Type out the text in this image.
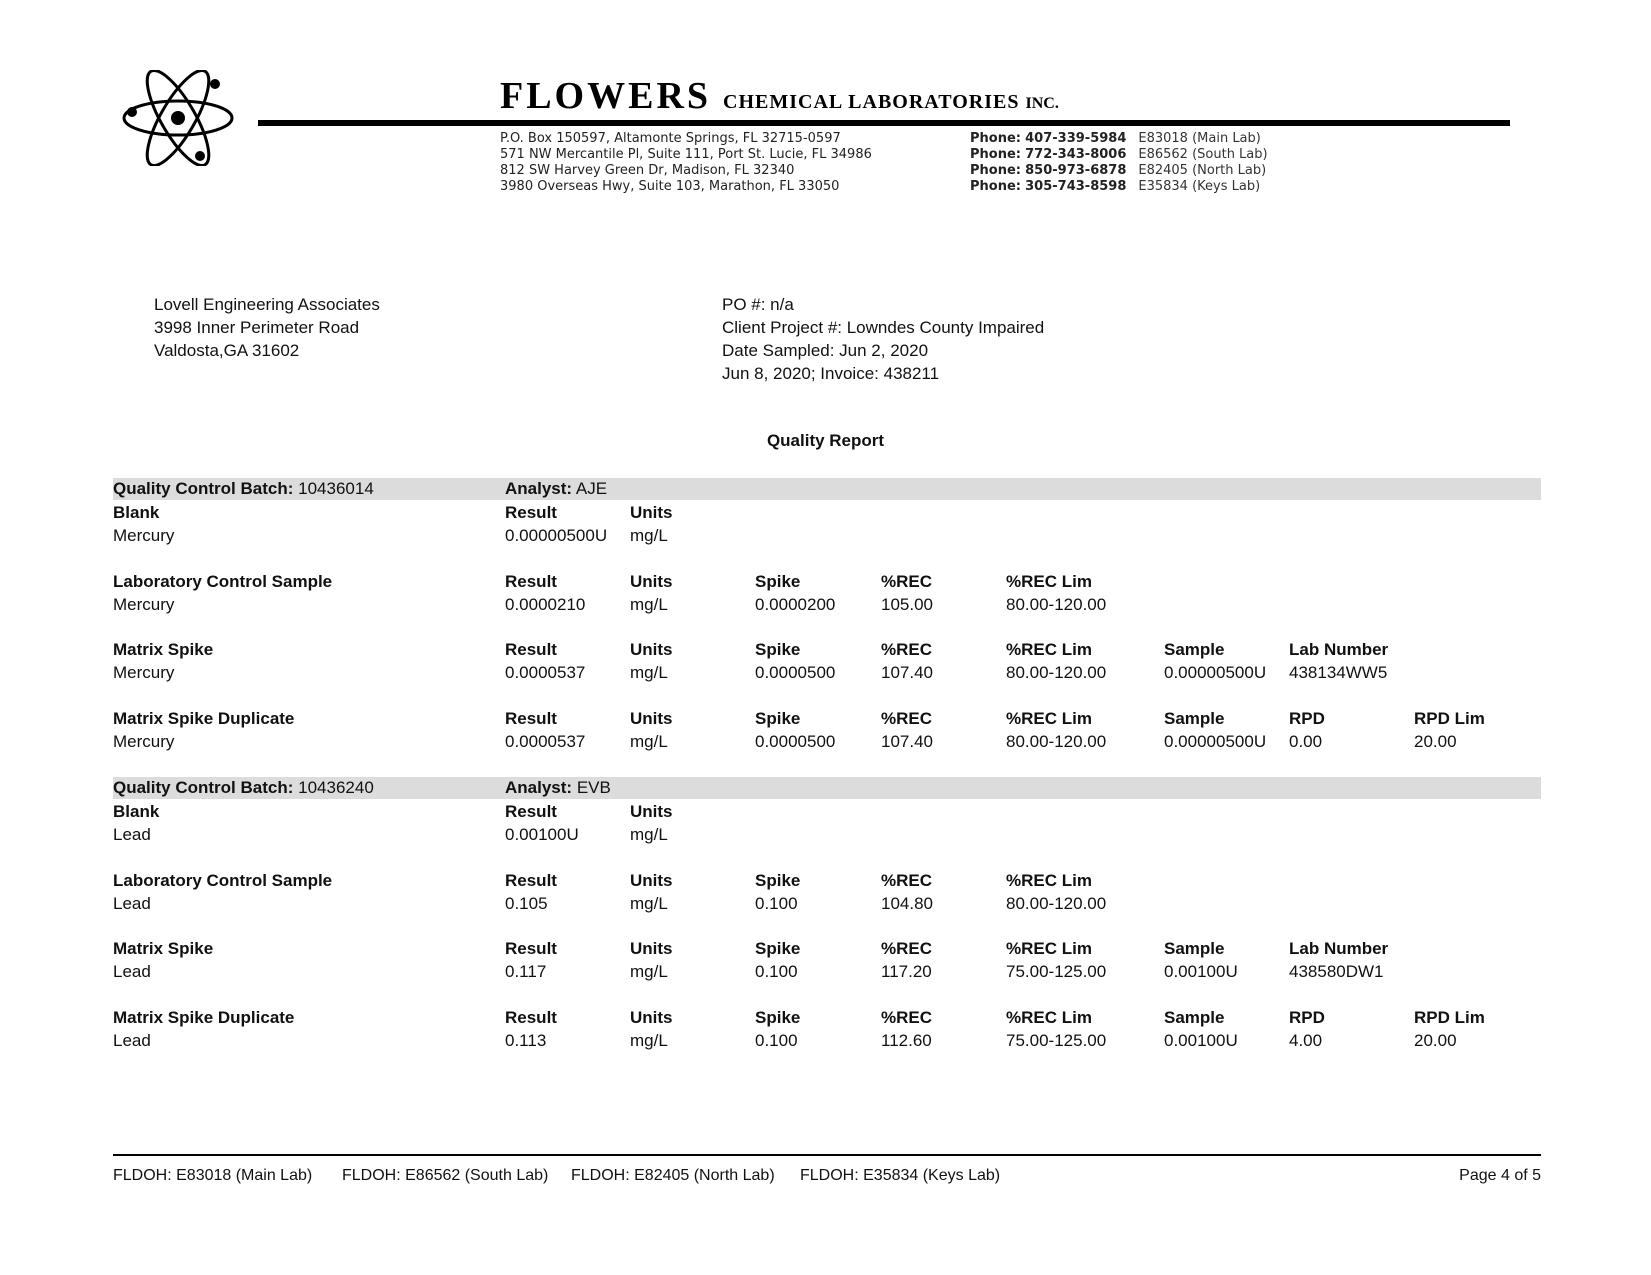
FLOWERS CHEMICAL LABORATORIES INC.
P.O. Box 150597, Altamonte Springs, FL 32715-0597
571 NW Mercantile Pl, Suite 111, Port St. Lucie, FL 34986
812 SW Harvey Green Dr, Madison, FL 32340
3980 Overseas Hwy, Suite 103, Marathon, FL 33050
Phone: 407-339-5984 E83018 (Main Lab)
Phone: 772-343-8006 E86562 (South Lab)
Phone: 850-973-6878 E82405 (North Lab)
Phone: 305-743-8598 E35834 (Keys Lab)
Lovell Engineering Associates
3998 Inner Perimeter Road
Valdosta,GA 31602
PO #: n/a
Client Project #: Lowndes County Impaired
Date Sampled: Jun 2, 2020
Jun 8, 2020; Invoice: 438211
Quality Report
Quality Control Batch: 10436014	Analyst: AJE
Blank	Result	Units
Mercury	0.00000500U mg/L
Laboratory Control Sample	Result	Units	Spike	%REC	%REC Lim
Mercury	0.0000210	mg/L	0.0000200	105.00	80.00-120.00
Matrix Spike	Result	Units	Spike	%REC	%REC Lim	Sample	Lab Number
Mercury	0.0000537	mg/L	0.0000500	107.40	80.00-120.00	0.00000500U 438134WW5
Matrix Spike Duplicate	Result	Units	Spike	%REC	%REC Lim	Sample	RPD	RPD Lim
Mercury	0.0000537	mg/L	0.0000500	107.40	80.00-120.00	0.00000500U 0.00	20.00
Quality Control Batch: 10436240	Analyst: EVB
Blank	Result	Units
Lead	0.00100U	mg/L
Laboratory Control Sample	Result	Units	Spike	%REC	%REC Lim
Lead	0.105	mg/L	0.100	104.80	80.00-120.00
Matrix Spike	Result	Units	Spike	%REC	%REC Lim	Sample	Lab Number
Lead	0.117	mg/L	0.100	117.20	75.00-125.00	0.00100U	438580DW1
Matrix Spike Duplicate	Result	Units	Spike	%REC	%REC Lim	Sample	RPD	RPD Lim
Lead	0.113	mg/L	0.100	112.60	75.00-125.00	0.00100U	4.00	20.00
FLDOH: E83018 (Main Lab) FLDOH: E86562 (South Lab) FLDOH: E82405 (North Lab) FLDOH: E35834 (Keys Lab)	Page 4 of 5
